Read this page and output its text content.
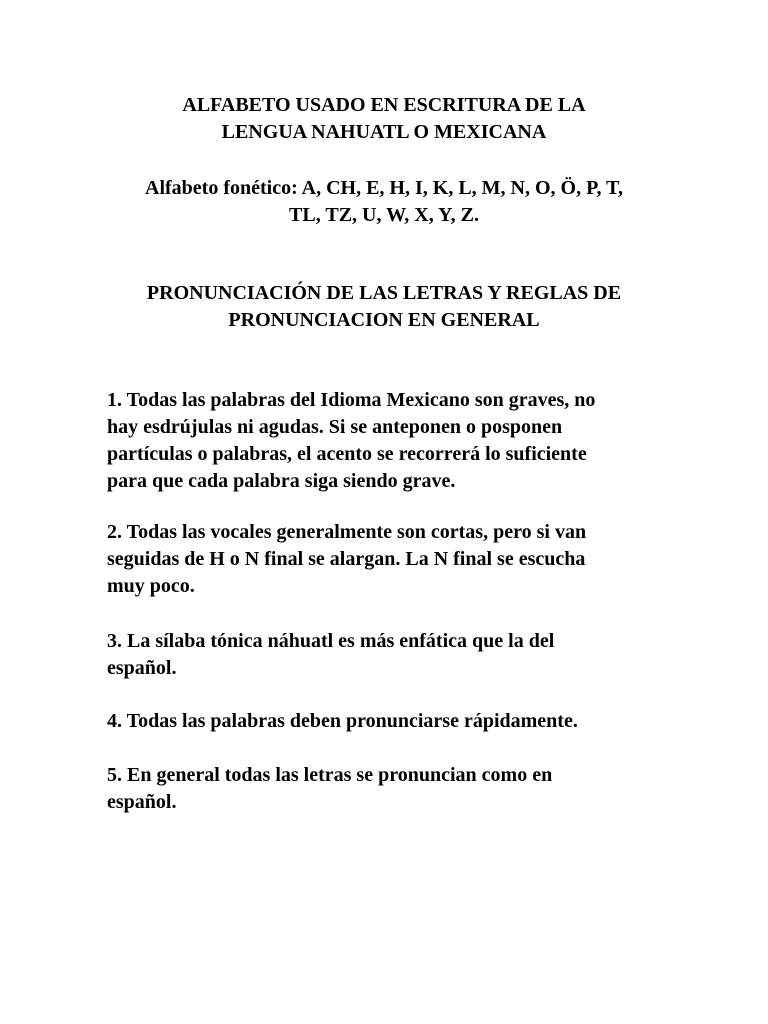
ALFABETO USADO EN ESCRITURA DE LA
LENGUA NAHUATL O MEXICANA

Alfabeto fonético: A, CH, E, H, I, K, L, M, N, O, Ö, P, T,
TL, TZ, U, W, X, Y, Z.

PRONUNCIACIÓN DE LAS LETRAS Y REGLAS DE
PRONUNCIACION EN GENERAL
1. Todas las palabras del Idioma Mexicano son graves, no
hay esdrújulas ni agudas. Si se anteponen o posponen
partículas o palabras, el acento se recorrerá lo suficiente
para que cada palabra siga siendo grave.
2. Todas las vocales generalmente son cortas, pero si van
seguidas de H o N final se alargan. La N final se escucha
muy poco.
3. La sílaba tónica náhuatl es más enfática que la del
español.
4. Todas las palabras deben pronunciarse rápidamente.
5. En general todas las letras se pronuncian como en
español.
